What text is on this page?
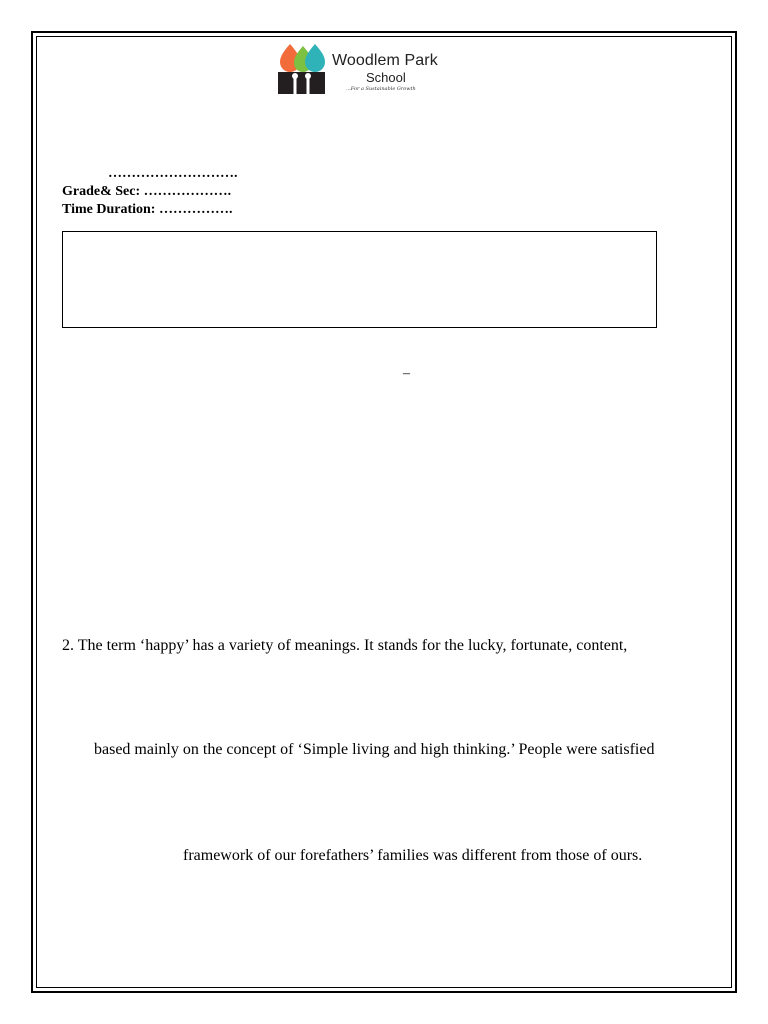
Woodlem Park
School
...For a Sustainable Growth
……………………….
Grade& Sec: ……………….
Time Duration: …………….
–
2. The term ‘happy’ has a variety of meanings. It stands for the lucky, fortunate, content,
based mainly on the concept of ‘Simple living and high thinking.’ People were satisfied
framework of our forefathers’ families was different from those of ours.
